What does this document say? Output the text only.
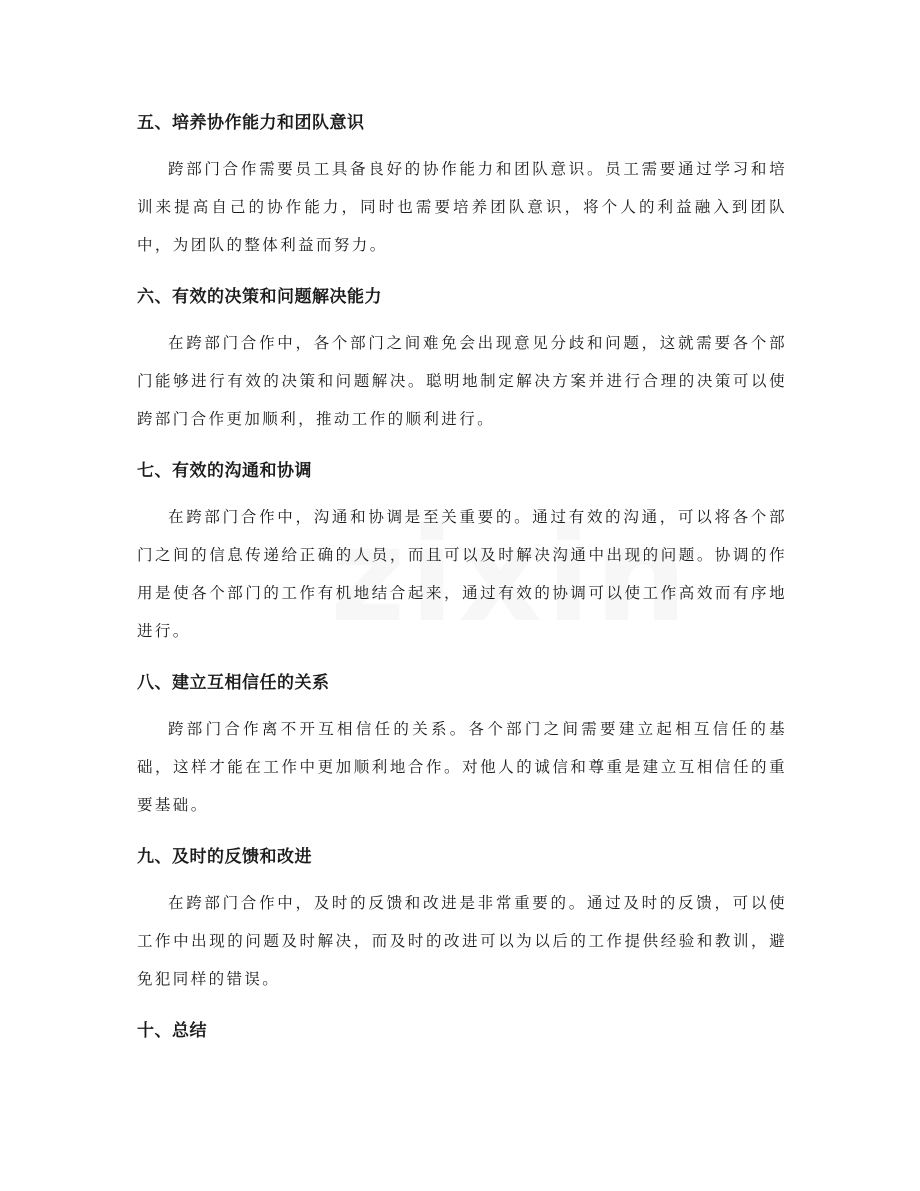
五、培养协作能力和团队意识

跨部门合作需要员工具备良好的协作能力和团队意识。员工需要通过学习和培训来提高自己的协作能力，同时也需要培养团队意识，将个人的利益融入到团队中，为团队的整体利益而努力。

六、有效的决策和问题解决能力

在跨部门合作中，各个部门之间难免会出现意见分歧和问题，这就需要各个部门能够进行有效的决策和问题解决。聪明地制定解决方案并进行合理的决策可以使跨部门合作更加顺利，推动工作的顺利进行。

七、有效的沟通和协调

在跨部门合作中，沟通和协调是至关重要的。通过有效的沟通，可以将各个部门之间的信息传递给正确的人员，而且可以及时解决沟通中出现的问题。协调的作用是使各个部门的工作有机地结合起来，通过有效的协调可以使工作高效而有序地进行。

八、建立互相信任的关系

跨部门合作离不开互相信任的关系。各个部门之间需要建立起相互信任的基础，这样才能在工作中更加顺利地合作。对他人的诚信和尊重是建立互相信任的重要基础。

九、及时的反馈和改进

在跨部门合作中，及时的反馈和改进是非常重要的。通过及时的反馈，可以使工作中出现的问题及时解决，而及时的改进可以为以后的工作提供经验和教训，避免犯同样的错误。

十、总结
